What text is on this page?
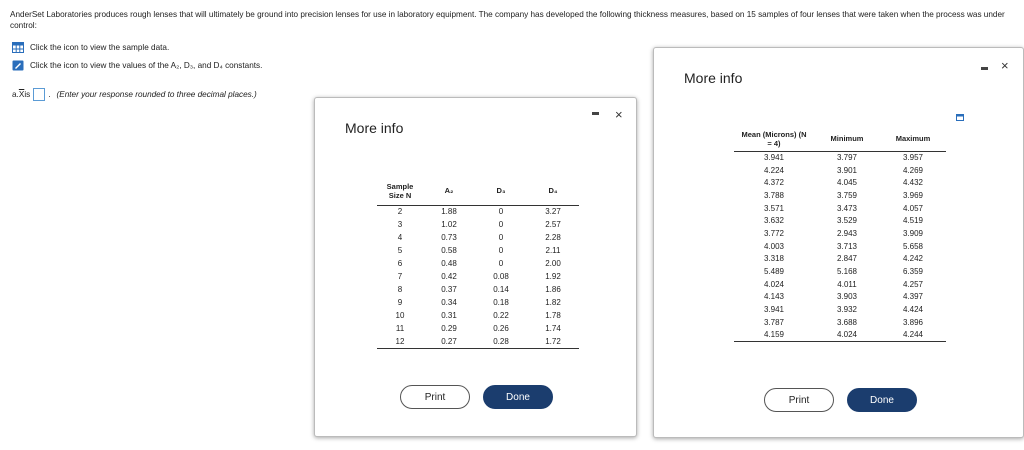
AnderSet Laboratories produces rough lenses that will ultimately be ground into precision lenses for use in laboratory equipment. The company has developed the following thickness measures, based on 15 samples of four lenses that were taken when the process was under control:
Click the icon to view the sample data.
Click the icon to view the values of the A₂, D₃, and D₄ constants.
a. $\overline{X}$ is . (Enter your response rounded to three decimal places.)
More info
×
Sample Size N	A₂	D₃	D₄
2	1.88	0	3.27
3	1.02	0	2.57
4	0.73	0	2.28
5	0.58	0	2.11
6	0.48	0	2.00
7	0.42	0.08	1.92
8	0.37	0.14	1.86
9	0.34	0.18	1.82
10	0.31	0.22	1.78
11	0.29	0.26	1.74
12	0.27	0.28	1.72
Print	Done
More info
×
Mean (Microns) (N = 4)	Minimum	Maximum
3.941	3.797	3.957
4.224	3.901	4.269
4.372	4.045	4.432
3.788	3.759	3.969
3.571	3.473	4.057
3.632	3.529	4.519
3.772	2.943	3.909
4.003	3.713	5.658
3.318	2.847	4.242
5.489	5.168	6.359
4.024	4.011	4.257
4.143	3.903	4.397
3.941	3.932	4.424
3.787	3.688	3.896
4.159	4.024	4.244
Print	Done
